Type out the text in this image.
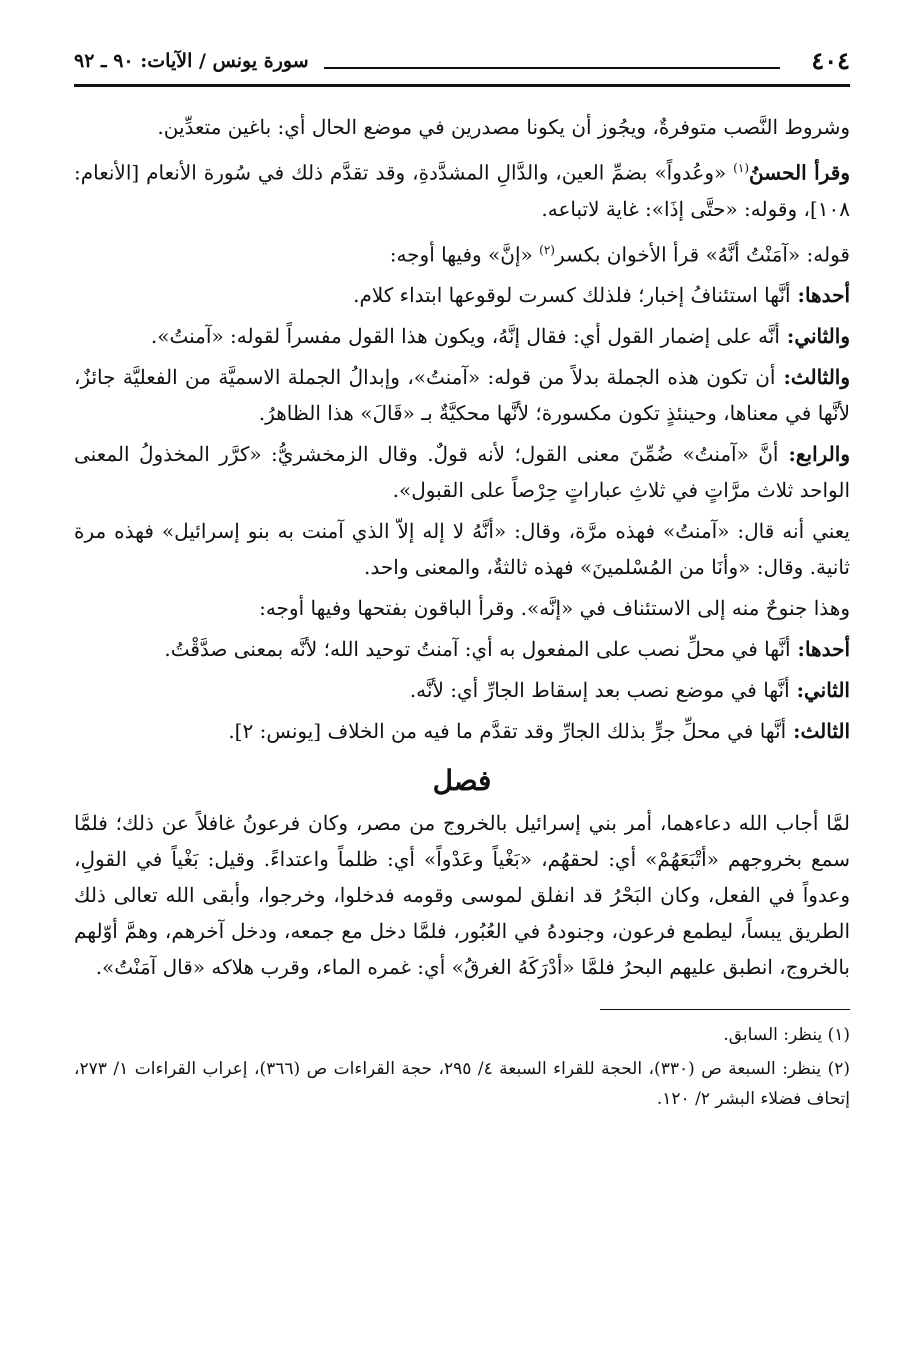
٤٠٤
سورة يونس / الآيات: ٩٠ ـ ٩٢

وشروط النَّصب متوفرةٌ، ويجُوز أن يكونا مصدرين في موضع الحال أي: باغين متعدِّين.

وقرأ الحسنُ$^{(١)}$ «وعُدواً» بضمِّ العين، والدَّالِ المشدَّدةِ، وقد تقدَّم ذلك في سُورة الأنعام [الأنعام: ١٠٨]، وقوله: «حتَّى إذَا»: غاية لاتباعه.

قوله: «آمَنْتُ أنَّهُ» قرأ الأخوان بكسر$^{(٢)}$ «إنَّ» وفيها أوجه:

أحدها: أنَّها استئنافُ إخبار؛ فلذلك كسرت لوقوعها ابتداء كلام.

والثاني: أنَّه على إضمار القول أي: فقال إنَّهُ، ويكون هذا القول مفسراً لقوله: «آمنتُ».

والثالث: أن تكون هذه الجملة بدلاً من قوله: «آمنتُ»، وإبدالُ الجملة الاسميَّة من الفعليَّة جائزٌ، لأنَّها في معناها، وحينئذٍ تكون مكسورة؛ لأنَّها محكيَّةٌ بـ «قَالَ» هذا الظاهرُ.

والرابع: أنَّ «آمنتُ» ضُمِّنَ معنى القول؛ لأنه قولٌ. وقال الزمخشريُّ: «كرَّر المخذولُ المعنى الواحد ثلاث مرَّاتٍ في ثلاثِ عباراتٍ حِرْصاً على القبول».

يعني أنه قال: «آمنتُ» فهذه مرَّة، وقال: «أنَّهُ لا إله إلاّ الذي آمنت به بنو إسرائيل» فهذه مرة ثانية. وقال: «وأنَا من المُسْلمينَ» فهذه ثالثةٌ، والمعنى واحد.

وهذا جنوحٌ منه إلى الاستئناف في «إنَّه». وقرأ الباقون بفتحها وفيها أوجه:

أحدها: أنَّها في محلِّ نصب على المفعول به أي: آمنتُ توحيد الله؛ لأنَّه بمعنى صدَّقْتُ.

الثاني: أنَّها في موضع نصب بعد إسقاط الجارِّ أي: لأنَّه.

الثالث: أنَّها في محلِّ جرٍّ بذلك الجارِّ وقد تقدَّم ما فيه من الخلاف [يونس: ٢].

فصل

لمَّا أجاب الله دعاءهما، أمر بني إسرائيل بالخروج من مصر، وكان فرعونُ غافلاً عن ذلك؛ فلمَّا سمع بخروجهم «أتْبَعَهُمْ» أي: لحقهُم، «بَغْياً وعَدْواً» أي: ظلماً واعتداءً. وقيل: بَغْياً في القولِ، وعدواً في الفعل، وكان البَحْرُ قد انفلق لموسى وقومه فدخلوا، وخرجوا، وأبقى الله تعالى ذلك الطريق يبساً، ليطمع فرعون، وجنودهُ في العُبُور، فلمَّا دخل مع جمعه، ودخل آخرهم، وهمَّ أوّلهم بالخروج، انطبق عليهم البحرُ فلمَّا «أدْرَكَهُ الغرقُ» أي: غمره الماء، وقرب هلاكه «قال آمَنْتُ».

(١) ينظر: السابق.

(٢) ينظر: السبعة ص (٣٣٠)، الحجة للقراء السبعة ٤/ ٢٩٥، حجة القراءات ص (٣٦٦)، إعراب القراءات ١/ ٢٧٣، إتحاف فضلاء البشر ٢/ ١٢٠.
